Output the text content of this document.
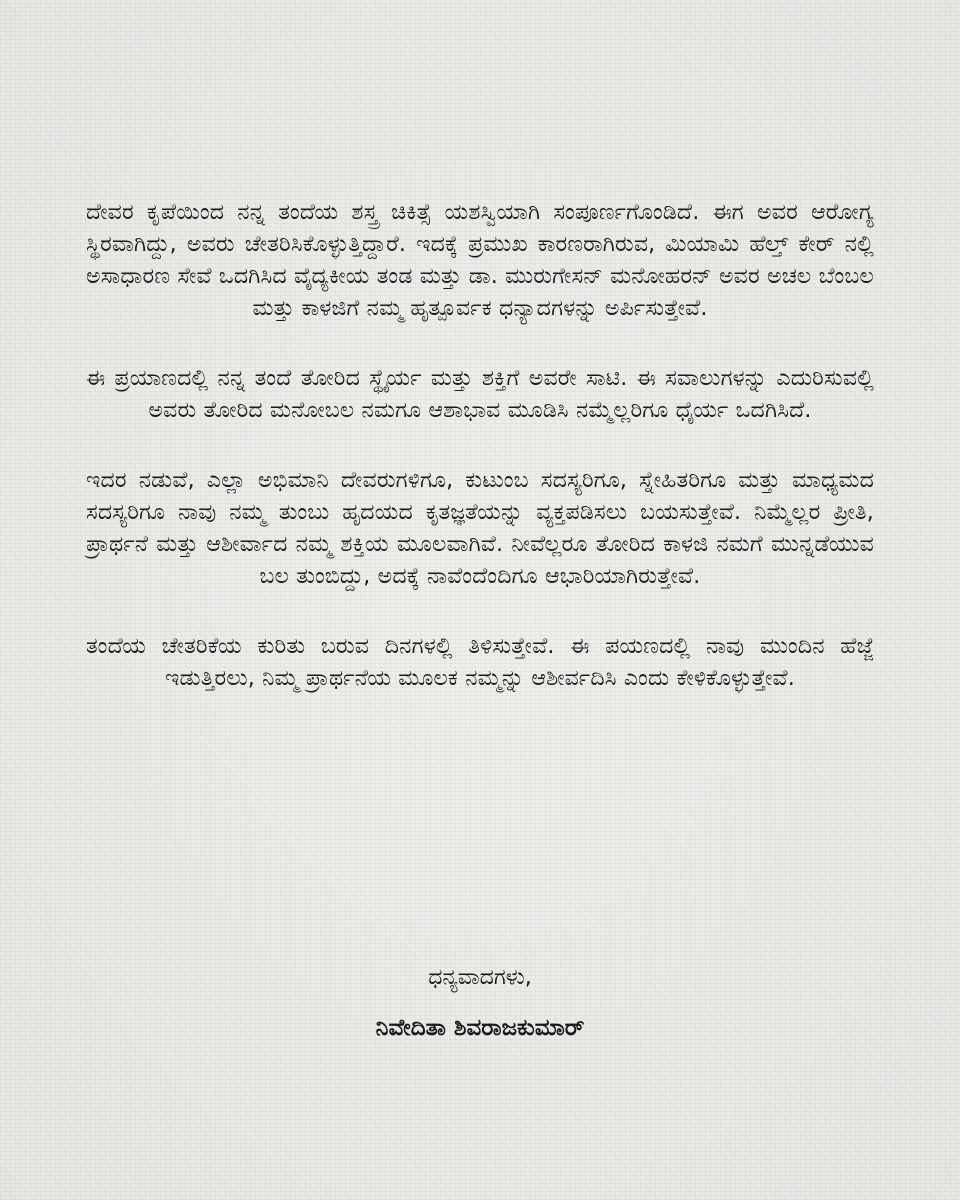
ದೇವರ ಕೃಪೆಯಿಂದ ನನ್ನ ತಂದೆಯ ಶಸ್ತ್ರ ಚಿಕಿತ್ಸೆ ಯಶಸ್ವಿಯಾಗಿ ಸಂಪೂರ್ಣಗೊಂಡಿದೆ. ಈಗ ಅವರ ಆರೋಗ್ಯ ಸ್ಥಿರವಾಗಿದ್ದು, ಅವರು ಚೇತರಿಸಿಕೊಳ್ಳುತ್ತಿದ್ದಾರೆ. ಇದಕ್ಕೆ ಪ್ರಮುಖ ಕಾರಣರಾಗಿರುವ, ಮಿಯಾಮಿ ಹೆಲ್ತ್ ಕೇರ್ ನಲ್ಲಿ ಅಸಾಧಾರಣ ಸೇವೆ ಒದಗಿಸಿದ ವೈದ್ಯಕೀಯ ತಂಡ ಮತ್ತು ಡಾ. ಮುರುಗೇಸನ್ ಮನೋಹರನ್ ಅವರ ಅಚಲ ಬೆಂಬಲ ಮತ್ತು ಕಾಳಜಿಗೆ ನಮ್ಮ ಹೃತ್ಪೂರ್ವಕ ಧನ್ಯಾದಗಳನ್ನು ಅರ್ಪಿಸುತ್ತೇವೆ.

ಈ ಪ್ರಯಾಣದಲ್ಲಿ ನನ್ನ ತಂದೆ ತೋರಿದ ಸ್ಥೈರ್ಯ ಮತ್ತು ಶಕ್ತಿಗೆ ಅವರೇ ಸಾಟಿ. ಈ ಸವಾಲುಗಳನ್ನು ಎದುರಿಸುವಲ್ಲಿ ಅವರು ತೋರಿದ ಮನೋಬಲ ನಮಗೂ ಆಶಾಭಾವ ಮೂಡಿಸಿ ನಮ್ಮೆಲ್ಲರಿಗೂ ಧೈರ್ಯ ಒದಗಿಸಿದೆ.

ಇದರ ನಡುವೆ, ಎಲ್ಲಾ ಅಭಿಮಾನಿ ದೇವರುಗಳಿಗೂ, ಕುಟುಂಬ ಸದಸ್ಯರಿಗೂ, ಸ್ನೇಹಿತರಿಗೂ ಮತ್ತು ಮಾಧ್ಯಮದ ಸದಸ್ಯರಿಗೂ ನಾವು ನಮ್ಮ ತುಂಬು ಹೃದಯದ ಕೃತಜ್ಞತೆಯನ್ನು ವ್ಯಕ್ತಪಡಿಸಲು ಬಯಸುತ್ತೇವೆ. ನಿಮ್ಮೆಲ್ಲರ ಪ್ರೀತಿ, ಪ್ರಾರ್ಥನೆ ಮತ್ತು ಆಶೀರ್ವಾದ ನಮ್ಮ ಶಕ್ತಿಯ ಮೂಲವಾಗಿವೆ. ನೀವೆಲ್ಲರೂ ತೋರಿದ ಕಾಳಜಿ ನಮಗೆ ಮುನ್ನಡೆಯುವ ಬಲ ತುಂಬಿದ್ದು, ಅದಕ್ಕೆ ನಾವೆಂದೆಂದಿಗೂ ಆಭಾರಿಯಾಗಿರುತ್ತೇವೆ.

ತಂದೆಯ ಚೇತರಿಕೆಯ ಕುರಿತು ಬರುವ ದಿನಗಳಲ್ಲಿ ತಿಳಿಸುತ್ತೇವೆ. ಈ ಪಯಣದಲ್ಲಿ ನಾವು ಮುಂದಿನ ಹೆಜ್ಜೆ ಇಡುತ್ತಿರಲು, ನಿಮ್ಮ ಪ್ರಾರ್ಥನೆಯ ಮೂಲಕ ನಮ್ಮನ್ನು ಆಶೀರ್ವದಿಸಿ ಎಂದು ಕೇಳಿಕೊಳ್ಳುತ್ತೇವೆ.

ಧನ್ಯವಾದಗಳು,
ನಿವೇದಿತಾ ಶಿವರಾಜಕುಮಾರ್
